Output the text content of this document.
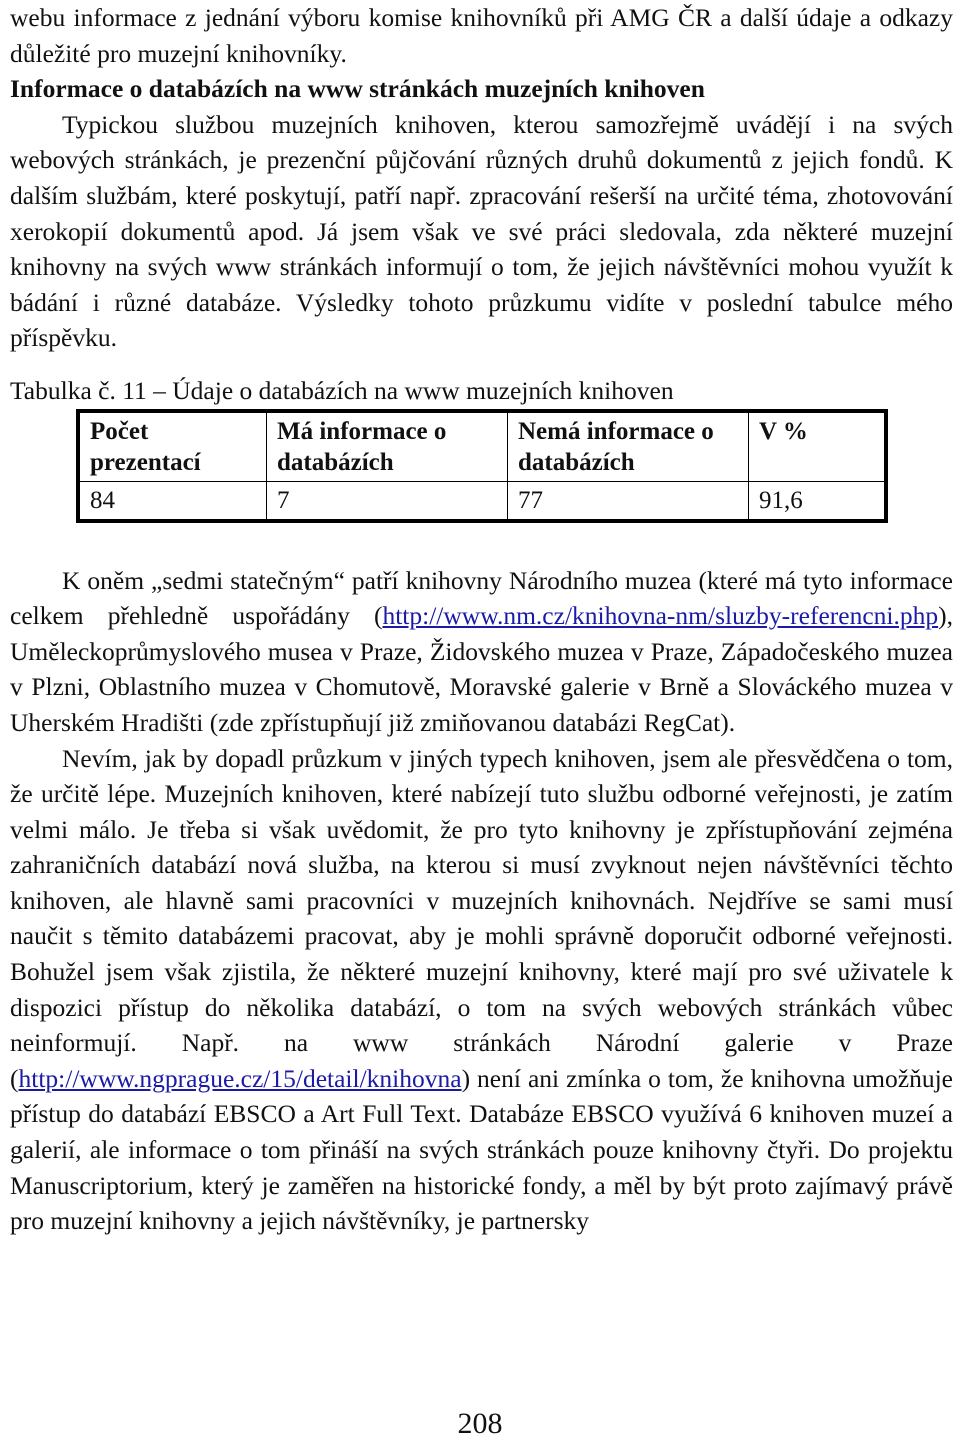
webu informace z jednání výboru komise knihovníků při AMG ČR a další údaje a odkazy důležité pro muzejní knihovníky.

Informace o databázích na www stránkách muzejních knihoven

Typickou službou muzejních knihoven, kterou samozřejmě uvádějí i na svých webových stránkách, je prezenční půjčování různých druhů dokumentů z jejich fondů. K dalším službám, které poskytují, patří např. zpracování rešerší na určité téma, zhotovování xerokopií dokumentů apod. Já jsem však ve své práci sledovala, zda některé muzejní knihovny na svých www stránkách informují o tom, že jejich návštěvníci mohou využít k bádání i různé databáze. Výsledky tohoto průzkumu vidíte v poslední tabulce mého příspěvku.

Tabulka č. 11 – Údaje o databázích na www muzejních knihoven

Počet prezentací	Má informace o databázích	Nemá informace o databázích	V %
84	7	77	91,6

K oněm „sedmi statečným“ patří knihovny Národního muzea (které má tyto informace celkem přehledně uspořádány (http://www.nm.cz/knihovna-nm/sluzby-referencni.php), Uměleckoprůmyslového musea v Praze, Židovského muzea v Praze, Západočeského muzea v Plzni, Oblastního muzea v Chomutově, Moravské galerie v Brně a Slováckého muzea v Uherském Hradišti (zde zpřístupňují již zmiňovanou databázi RegCat).

Nevím, jak by dopadl průzkum v jiných typech knihoven, jsem ale přesvědčena o tom, že určitě lépe. Muzejních knihoven, které nabízejí tuto službu odborné veřejnosti, je zatím velmi málo. Je třeba si však uvědomit, že pro tyto knihovny je zpřístupňování zejména zahraničních databází nová služba, na kterou si musí zvyknout nejen návštěvníci těchto knihoven, ale hlavně sami pracovníci v muzejních knihovnách. Nejdříve se sami musí naučit s těmito databázemi pracovat, aby je mohli správně doporučit odborné veřejnosti. Bohužel jsem však zjistila, že některé muzejní knihovny, které mají pro své uživatele k dispozici přístup do několika databází, o tom na svých webových stránkách vůbec neinformují. Např. na www stránkách Národní galerie v Praze (http://www.ngprague.cz/15/detail/knihovna) není ani zmínka o tom, že knihovna umožňuje přístup do databází EBSCO a Art Full Text. Databáze EBSCO využívá 6 knihoven muzeí a galerií, ale informace o tom přináší na svých stránkách pouze knihovny čtyři. Do projektu Manuscriptorium, který je zaměřen na historické fondy, a měl by být proto zajímavý právě pro muzejní knihovny a jejich návštěvníky, je partnersky

208
